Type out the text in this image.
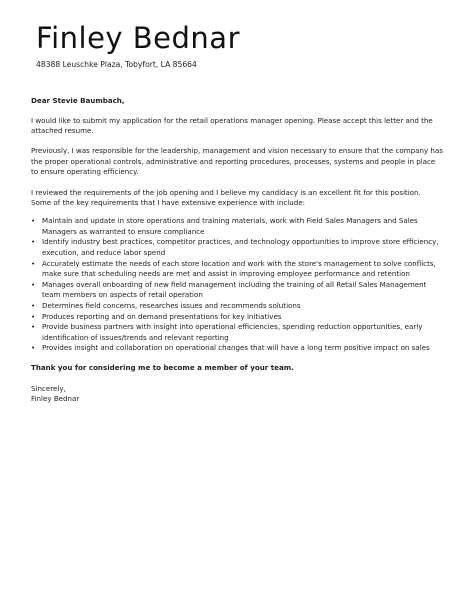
Finley Bednar
48388 Leuschke Plaza, Tobyfort, LA 85664

Dear Stevie Baumbach,

I would like to submit my application for the retail operations manager opening. Please accept this letter and the attached resume.

Previously, I was responsible for the leadership, management and vision necessary to ensure that the company has the proper operational controls, administrative and reporting procedures, processes, systems and people in place to ensure operating efficiency.

I reviewed the requirements of the job opening and I believe my candidacy is an excellent fit for this position. Some of the key requirements that I have extensive experience with include:

• Maintain and update in store operations and training materials, work with Field Sales Managers and Sales Managers as warranted to ensure compliance
• Identify industry best practices, competitor practices, and technology opportunities to improve store efficiency, execution, and reduce labor spend
• Accurately estimate the needs of each store location and work with the store's management to solve conflicts, make sure that scheduling needs are met and assist in improving employee performance and retention
• Manages overall onboarding of new field management including the training of all Retail Sales Management team members on aspects of retail operation
• Determines field concerns, researches issues and recommends solutions
• Produces reporting and on demand presentations for key initiatives
• Provide business partners with insight into operational efficiencies, spending reduction opportunities, early identification of issues/trends and relevant reporting
• Provides insight and collaboration on operational changes that will have a long term positive impact on sales

Thank you for considering me to become a member of your team.

Sincerely,

Finley Bednar
